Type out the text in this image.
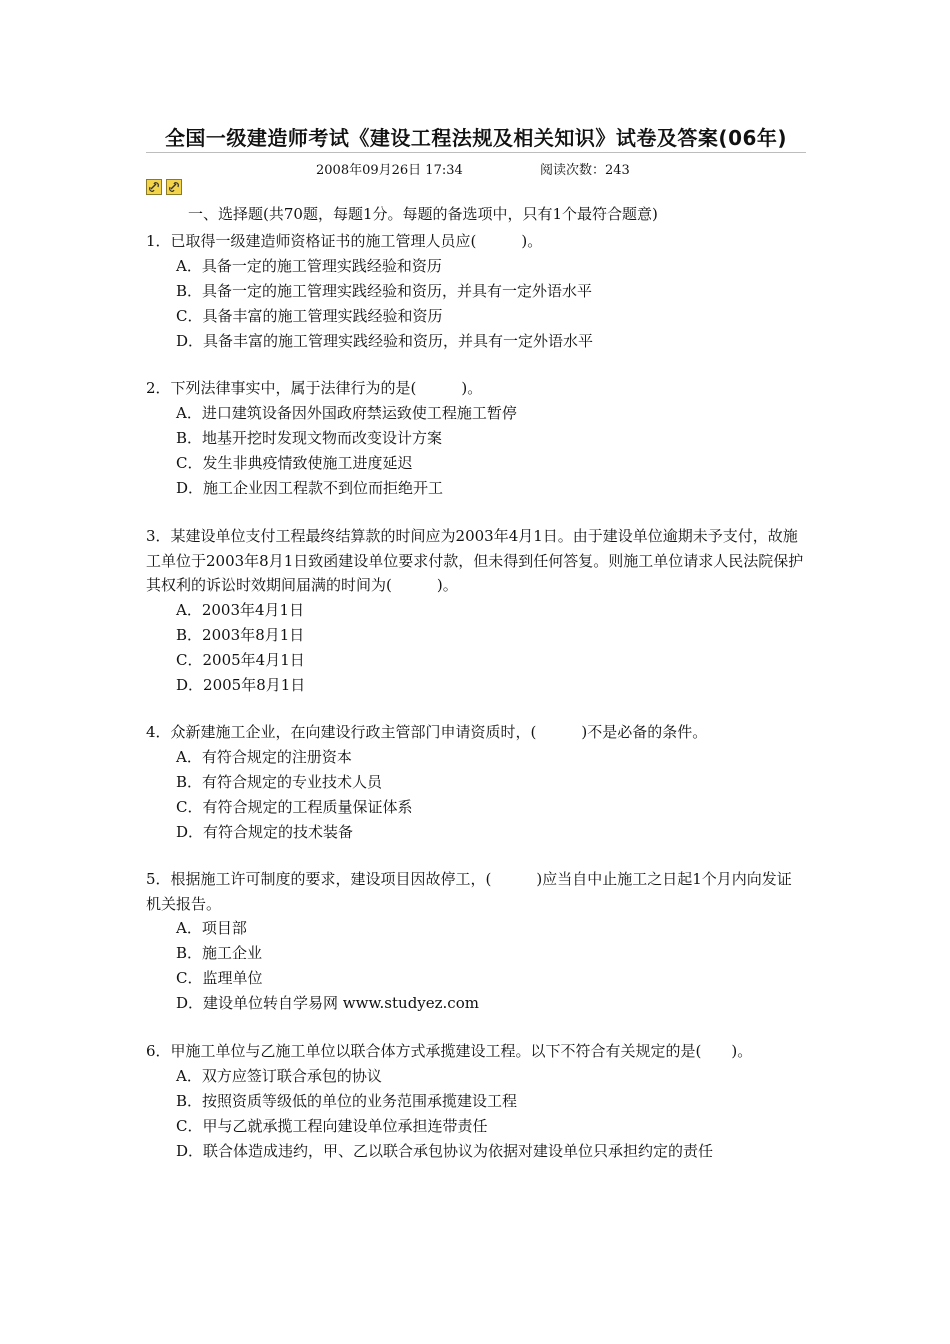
全国一级建造师考试《建设工程法规及相关知识》试卷及答案(06年)
2008年09月26日 17:34	阅读次数：243
一、选择题(共70题，每题1分。每题的备选项中，只有1个最符合题意)
1．已取得一级建造师资格证书的施工管理人员应(　　　)。
A．具备一定的施工管理实践经验和资历
B．具备一定的施工管理实践经验和资历，并具有一定外语水平
C．具备丰富的施工管理实践经验和资历
D．具备丰富的施工管理实践经验和资历，并具有一定外语水平
2．下列法律事实中，属于法律行为的是(　　　)。
A．进口建筑设备因外国政府禁运致使工程施工暂停
B．地基开挖时发现文物而改变设计方案
C．发生非典疫情致使施工进度延迟
D．施工企业因工程款不到位而拒绝开工
3．某建设单位支付工程最终结算款的时间应为2003年4月1日。由于建设单位逾期未予支付，故施工单位于2003年8月1日致函建设单位要求付款，但未得到任何答复。则施工单位请求人民法院保护其权利的诉讼时效期间届满的时间为(　　　)。
A．2003年4月1日
B．2003年8月1日
C．2005年4月1日
D．2005年8月1日
4．众新建施工企业，在向建设行政主管部门申请资质时，(　　　)不是必备的条件。
A．有符合规定的注册资本
B．有符合规定的专业技术人员
C．有符合规定的工程质量保证体系
D．有符合规定的技术装备
5．根据施工许可制度的要求，建设项目因故停工，(　　　)应当自中止施工之日起1个月内向发证机关报告。
A．项目部
B．施工企业
C．监理单位
D．建设单位转自学易网 www.studyez.com
6．甲施工单位与乙施工单位以联合体方式承揽建设工程。以下不符合有关规定的是(　　)。
A．双方应签订联合承包的协议
B．按照资质等级低的单位的业务范围承揽建设工程
C．甲与乙就承揽工程向建设单位承担连带责任
D．联合体造成违约，甲、乙以联合承包协议为依据对建设单位只承担约定的责任
